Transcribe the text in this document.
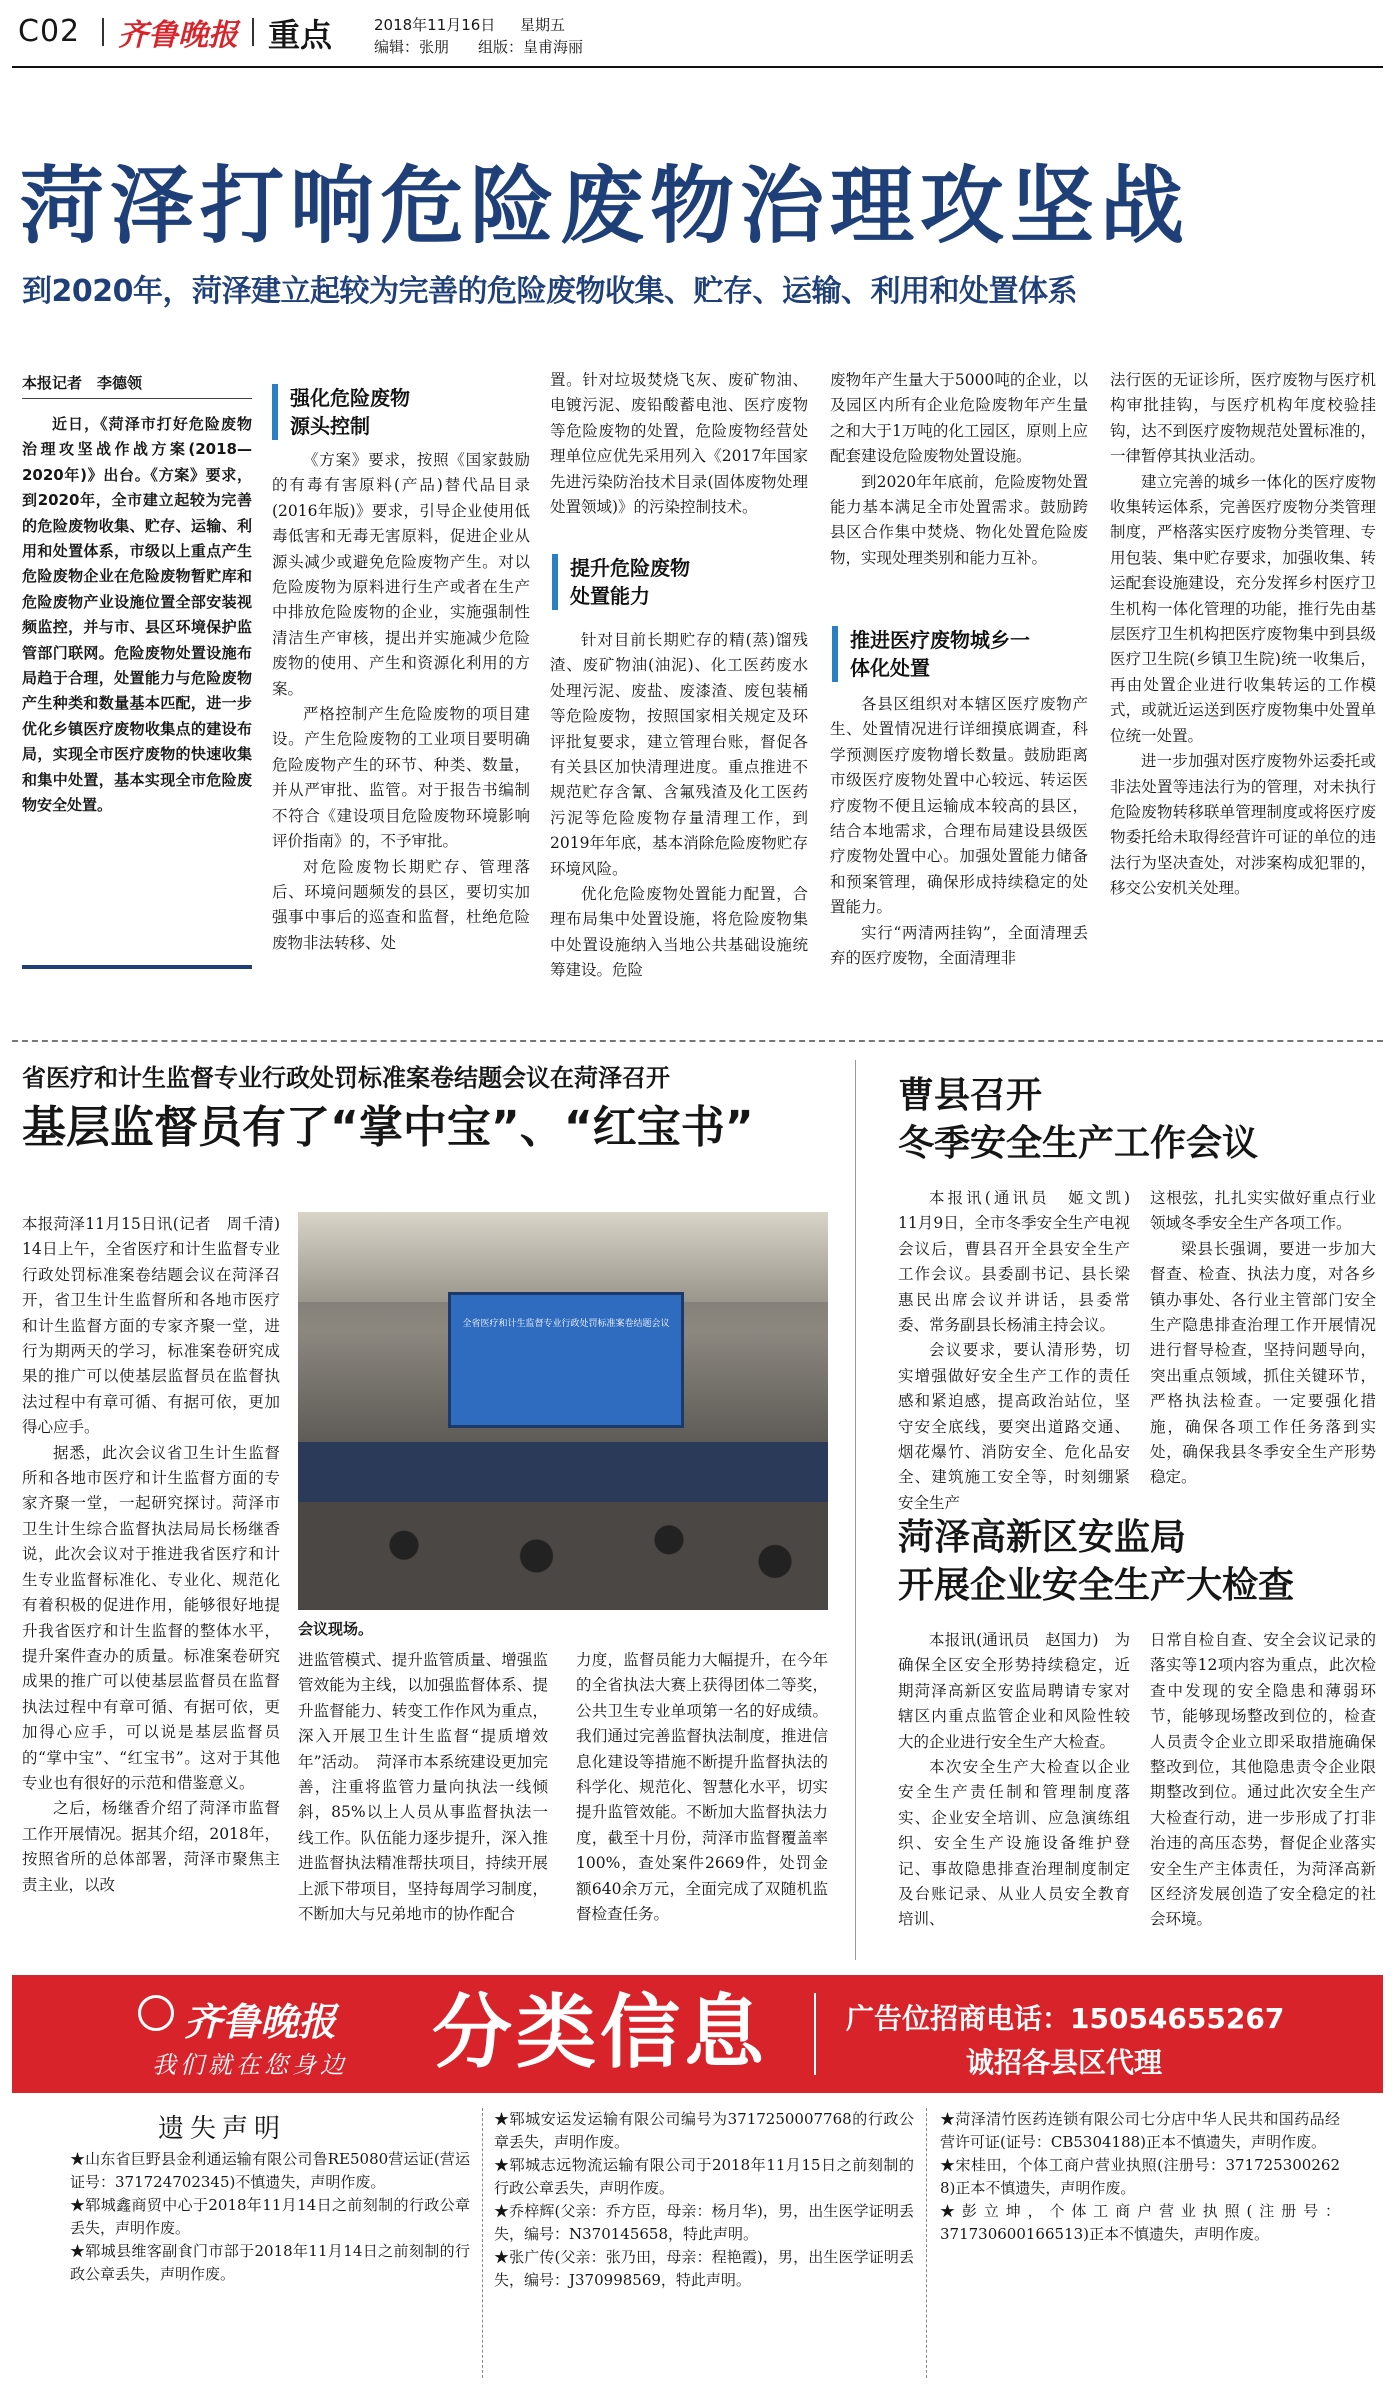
C02 齐鲁晚报 重点	2018年11月16日 星期五
编辑：张朋 组版：皇甫海丽
菏泽打响危险废物治理攻坚战
到2020年，菏泽建立起较为完善的危险废物收集、贮存、运输、利用和处置体系
本报记者　李德领

近日，《菏泽市打好危险废物治理攻坚战作战方案(2018—2020年)》出台。《方案》要求，到2020年，全市建立起较为完善的危险废物收集、贮存、运输、利用和处置体系，市级以上重点产生危险废物企业在危险废物暂贮库和危险废物产业设施位置全部安装视频监控，并与市、县区环境保护监管部门联网。危险废物处置设施布局趋于合理，处置能力与危险废物产生种类和数量基本匹配，进一步优化乡镇医疗废物收集点的建设布局，实现全市医疗废物的快速收集和集中处置，基本实现全市危险废物安全处置。

强化危险废物源头控制

《方案》要求，按照《国家鼓励的有毒有害原料(产品)替代品目录(2016年版)》要求，引导企业使用低毒低害和无毒无害原料，促进企业从源头减少或避免危险废物产生。对以危险废物为原料进行生产或者在生产中排放危险废物的企业，实施强制性清洁生产审核，提出并实施减少危险废物的使用、产生和资源化利用的方案。

严格控制产生危险废物的项目建设。产生危险废物的工业项目要明确危险废物产生的环节、种类、数量，并从严审批、监管。对于报告书编制不符合《建设项目危险废物环境影响评价指南》的，不予审批。

对危险废物长期贮存、管理落后、环境问题频发的县区，要切实加强事中事后的巡查和监督，杜绝危险废物非法转移、处

置。针对垃圾焚烧飞灰、废矿物油、电镀污泥、废铅酸蓄电池、医疗废物等危险废物的处置，危险废物经营处理单位应优先采用列入《2017年国家先进污染防治技术目录(固体废物处理处置领域)》的污染控制技术。

提升危险废物处置能力

针对目前长期贮存的精(蒸)馏残渣、废矿物油(油泥)、化工医药废水处理污泥、废盐、废漆渣、废包装桶等危险废物，按照国家相关规定及环评批复要求，建立管理台账，督促各有关县区加快清理进度。重点推进不规范贮存含氰、含氟残渣及化工医药污泥等危险废物存量清理工作，到2019年年底，基本消除危险废物贮存环境风险。

优化危险废物处置能力配置，合理布局集中处置设施，将危险废物集中处置设施纳入当地公共基础设施统筹建设。危险

废物年产生量大于5000吨的企业，以及园区内所有企业危险废物年产生量之和大于1万吨的化工园区，原则上应配套建设危险废物处置设施。

到2020年年底前，危险废物处置能力基本满足全市处置需求。鼓励跨县区合作集中焚烧、物化处置危险废物，实现处理类别和能力互补。

推进医疗废物城乡一体化处置

各县区组织对本辖区医疗废物产生、处置情况进行详细摸底调查，科学预测医疗废物增长数量。鼓励距离市级医疗废物处置中心较远、转运医疗废物不便且运输成本较高的县区，结合本地需求，合理布局建设县级医疗废物处置中心。加强处置能力储备和预案管理，确保形成持续稳定的处置能力。

实行“两清两挂钩”，全面清理丢弃的医疗废物，全面清理非

法行医的无证诊所，医疗废物与医疗机构审批挂钩，与医疗机构年度校验挂钩，达不到医疗废物规范处置标准的，一律暂停其执业活动。

建立完善的城乡一体化的医疗废物收集转运体系，完善医疗废物分类管理制度，严格落实医疗废物分类管理、专用包装、集中贮存要求，加强收集、转运配套设施建设，充分发挥乡村医疗卫生机构一体化管理的功能，推行先由基层医疗卫生机构把医疗废物集中到县级医疗卫生院(乡镇卫生院)统一收集后，再由处置企业进行收集转运的工作模式，或就近运送到医疗废物集中处置单位统一处置。

进一步加强对医疗废物外运委托或非法处置等违法行为的管理，对未执行危险废物转移联单管理制度或将医疗废物委托给未取得经营许可证的单位的违法行为坚决查处，对涉案构成犯罪的，移交公安机关处理。

省医疗和计生监督专业行政处罚标准案卷结题会议在菏泽召开
基层监督员有了“掌中宝”、“红宝书”

本报菏泽11月15日讯(记者　周千清)　14日上午，全省医疗和计生监督专业行政处罚标准案卷结题会议在菏泽召开，省卫生计生监督所和各地市医疗和计生监督方面的专家齐聚一堂，进行为期两天的学习，标准案卷研究成果的推广可以使基层监督员在监督执法过程中有章可循、有据可依，更加得心应手。

据悉，此次会议省卫生计生监督所和各地市医疗和计生监督方面的专家齐聚一堂，一起研究探讨。菏泽市卫生计生综合监督执法局局长杨继香说，此次会议对于推进我省医疗和计生专业监督标准化、专业化、规范化有着积极的促进作用，能够很好地提升我省医疗和计生监督的整体水平，提升案件查办的质量。标准案卷研究成果的推广可以使基层监督员在监督执法过程中有章可循、有据可依，更加得心应手，可以说是基层监督员的“掌中宝”、“红宝书”。这对于其他专业也有很好的示范和借鉴意义。

之后，杨继香介绍了菏泽市监督工作开展情况。据其介绍，2018年，按照省所的总体部署，菏泽市聚焦主责主业，以改

全省医疗和计生监督专业行政处罚标准案卷结题会议
会议现场。

进监管模式、提升监管质量、增强监管效能为主线，以加强监督体系、提升监督能力、转变工作作风为重点，深入开展卫生计生监督“提质增效年”活动。　菏泽市本系统建设更加完善，注重将监管力量向执法一线倾斜，85%以上人员从事监督执法一线工作。队伍能力逐步提升，深入推进监督执法精准帮扶项目，持续开展上派下带项目，坚持每周学习制度，不断加大与兄弟地市的协作配合

力度，监督员能力大幅提升，在今年的全省执法大赛上获得团体二等奖，公共卫生专业单项第一名的好成绩。我们通过完善监督执法制度，推进信息化建设等措施不断提升监督执法的科学化、规范化、智慧化水平，切实提升监管效能。不断加大监督执法力度，截至十月份，菏泽市监督覆盖率100%，查处案件2669件，处罚金额640余万元，全面完成了双随机监督检查任务。

曹县召开
冬季安全生产工作会议

本报讯(通讯员　姬文凯)　11月9日，全市冬季安全生产电视会议后，曹县召开全县安全生产工作会议。县委副书记、县长梁惠民出席会议并讲话，县委常委、常务副县长杨浦主持会议。

会议要求，要认清形势，切实增强做好安全生产工作的责任感和紧迫感，提高政治站位，坚守安全底线，要突出道路交通、烟花爆竹、消防安全、危化品安全、建筑施工安全等，时刻绷紧安全生产

这根弦，扎扎实实做好重点行业领域冬季安全生产各项工作。

梁县长强调，要进一步加大督查、检查、执法力度，对各乡镇办事处、各行业主管部门安全生产隐患排查治理工作开展情况进行督导检查，坚持问题导向，突出重点领域，抓住关键环节，严格执法检查。一定要强化措施，确保各项工作任务落到实处，确保我县冬季安全生产形势稳定。

菏泽高新区安监局
开展企业安全生产大检查

本报讯(通讯员　赵国力)　为确保全区安全形势持续稳定，近期菏泽高新区安监局聘请专家对辖区内重点监管企业和风险性较大的企业进行安全生产大检查。

本次安全生产大检查以企业安全生产责任制和管理制度落实、企业安全培训、应急演练组织、安全生产设施设备维护登记、事故隐患排查治理制度制定及台账记录、从业人员安全教育培训、

日常自检自查、安全会议记录的落实等12项内容为重点，此次检查中发现的安全隐患和薄弱环节，能够现场整改到位的，检查人员责令企业立即采取措施确保整改到位，其他隐患责令企业限期整改到位。通过此次安全生产大检查行动，进一步形成了打非治违的高压态势，督促企业落实安全生产主体责任，为菏泽高新区经济发展创造了安全稳定的社会环境。

齐鲁晚报
我们就在您身边 分类信息	广告位招商电话：15054655267
诚招各县区代理
遗失声明

★山东省巨野县金利通运输有限公司鲁RE5080营运证(营运证号：371724702345)不慎遗失，声明作废。

★郓城鑫商贸中心于2018年11月14日之前刻制的行政公章丢失，声明作废。

★郓城县维客副食门市部于2018年11月14日之前刻制的行政公章丢失，声明作废。

★郓城安运发运输有限公司编号为371725000776​8的行政公章丢失，声明作废。

★郓城志远物流运输有限公司于2018年11月15日之前刻制的行政公章丢失，声明作废。

★乔梓辉(父亲：乔方臣，母亲：杨月华)，男，出生医学证明丢失，编号：N370145658，特此声明。

★张广传(父亲：张乃田，母亲：程艳霞)，男，出生医学证明丢失，编号：J370998569，特此声明。

★菏泽清竹医药连锁有限公司七分店中华人民共和国药品经营许可证(证号：CB5304188)正本不慎遗失，声明作废。

★宋桂田，个体工商户营业执照(注册号：371725300262​8)正本不慎遗失，声明作废。

★彭立坤，个体工商户营业执照(注册号：371730600166513)正本不慎遗失，声明作废。
